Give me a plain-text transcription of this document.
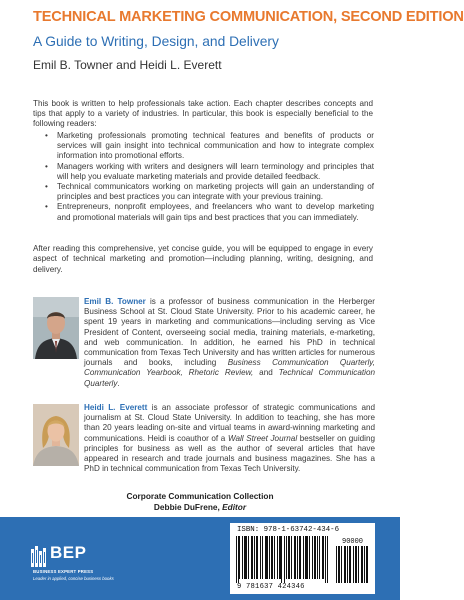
TECHNICAL MARKETING COMMUNICATION, SECOND EDITION
A Guide to Writing, Design, and Delivery
Emil B. Towner and Heidi L. Everett

This book is written to help professionals take action. Each chapter describes concepts and tips that apply to a variety of industries. In particular, this book is especially beneficial to the following readers:

• Marketing professionals promoting technical features and benefits of products or services will gain insight into technical communication and how to integrate complex information into promotional efforts.
• Managers working with writers and designers will learn terminology and principles that will help you evaluate marketing materials and provide detailed feedback.
• Technical communicators working on marketing projects will gain an understanding of principles and best practices you can integrate with your previous training.
• Entrepreneurs, nonprofit employees, and freelancers who want to develop marketing and promotional materials will gain tips and best practices that you can immediately.

After reading this comprehensive, yet concise guide, you will be equipped to engage in every aspect of technical marketing and promotion—including planning, writing, designing, and delivery.

Emil B. Towner is a professor of business communication in the Herberger Business School at St. Cloud State University. Prior to his academic career, he spent 19 years in marketing and communications—including serving as Vice President of Content, overseeing social media, training materials, e-marketing, and web communication. In addition, he earned his PhD in technical communication from Texas Tech University and has written articles for numerous journals and books, including Business Communication Quarterly, Communication Yearbook, Rhetoric Review, and Technical Communication Quarterly.

Heidi L. Everett is an associate professor of strategic communications and journalism at St. Cloud State University. In addition to teaching, she has more than 20 years leading on-site and virtual teams in award-winning marketing and communications. Heidi is coauthor of a Wall Street Journal bestseller on guiding principles for business as well as the author of several articles that have appeared in research and trade journals and business magazines. She has a PhD in technical communication from Texas Tech University.

Corporate Communication Collection
Debbie DuFrene, Editor
BEP
BUSINESS EXPERT PRESS
Leader in applied, concise business books
ISBN: 978-1-63742-434-6
90000
9 781637 424346
